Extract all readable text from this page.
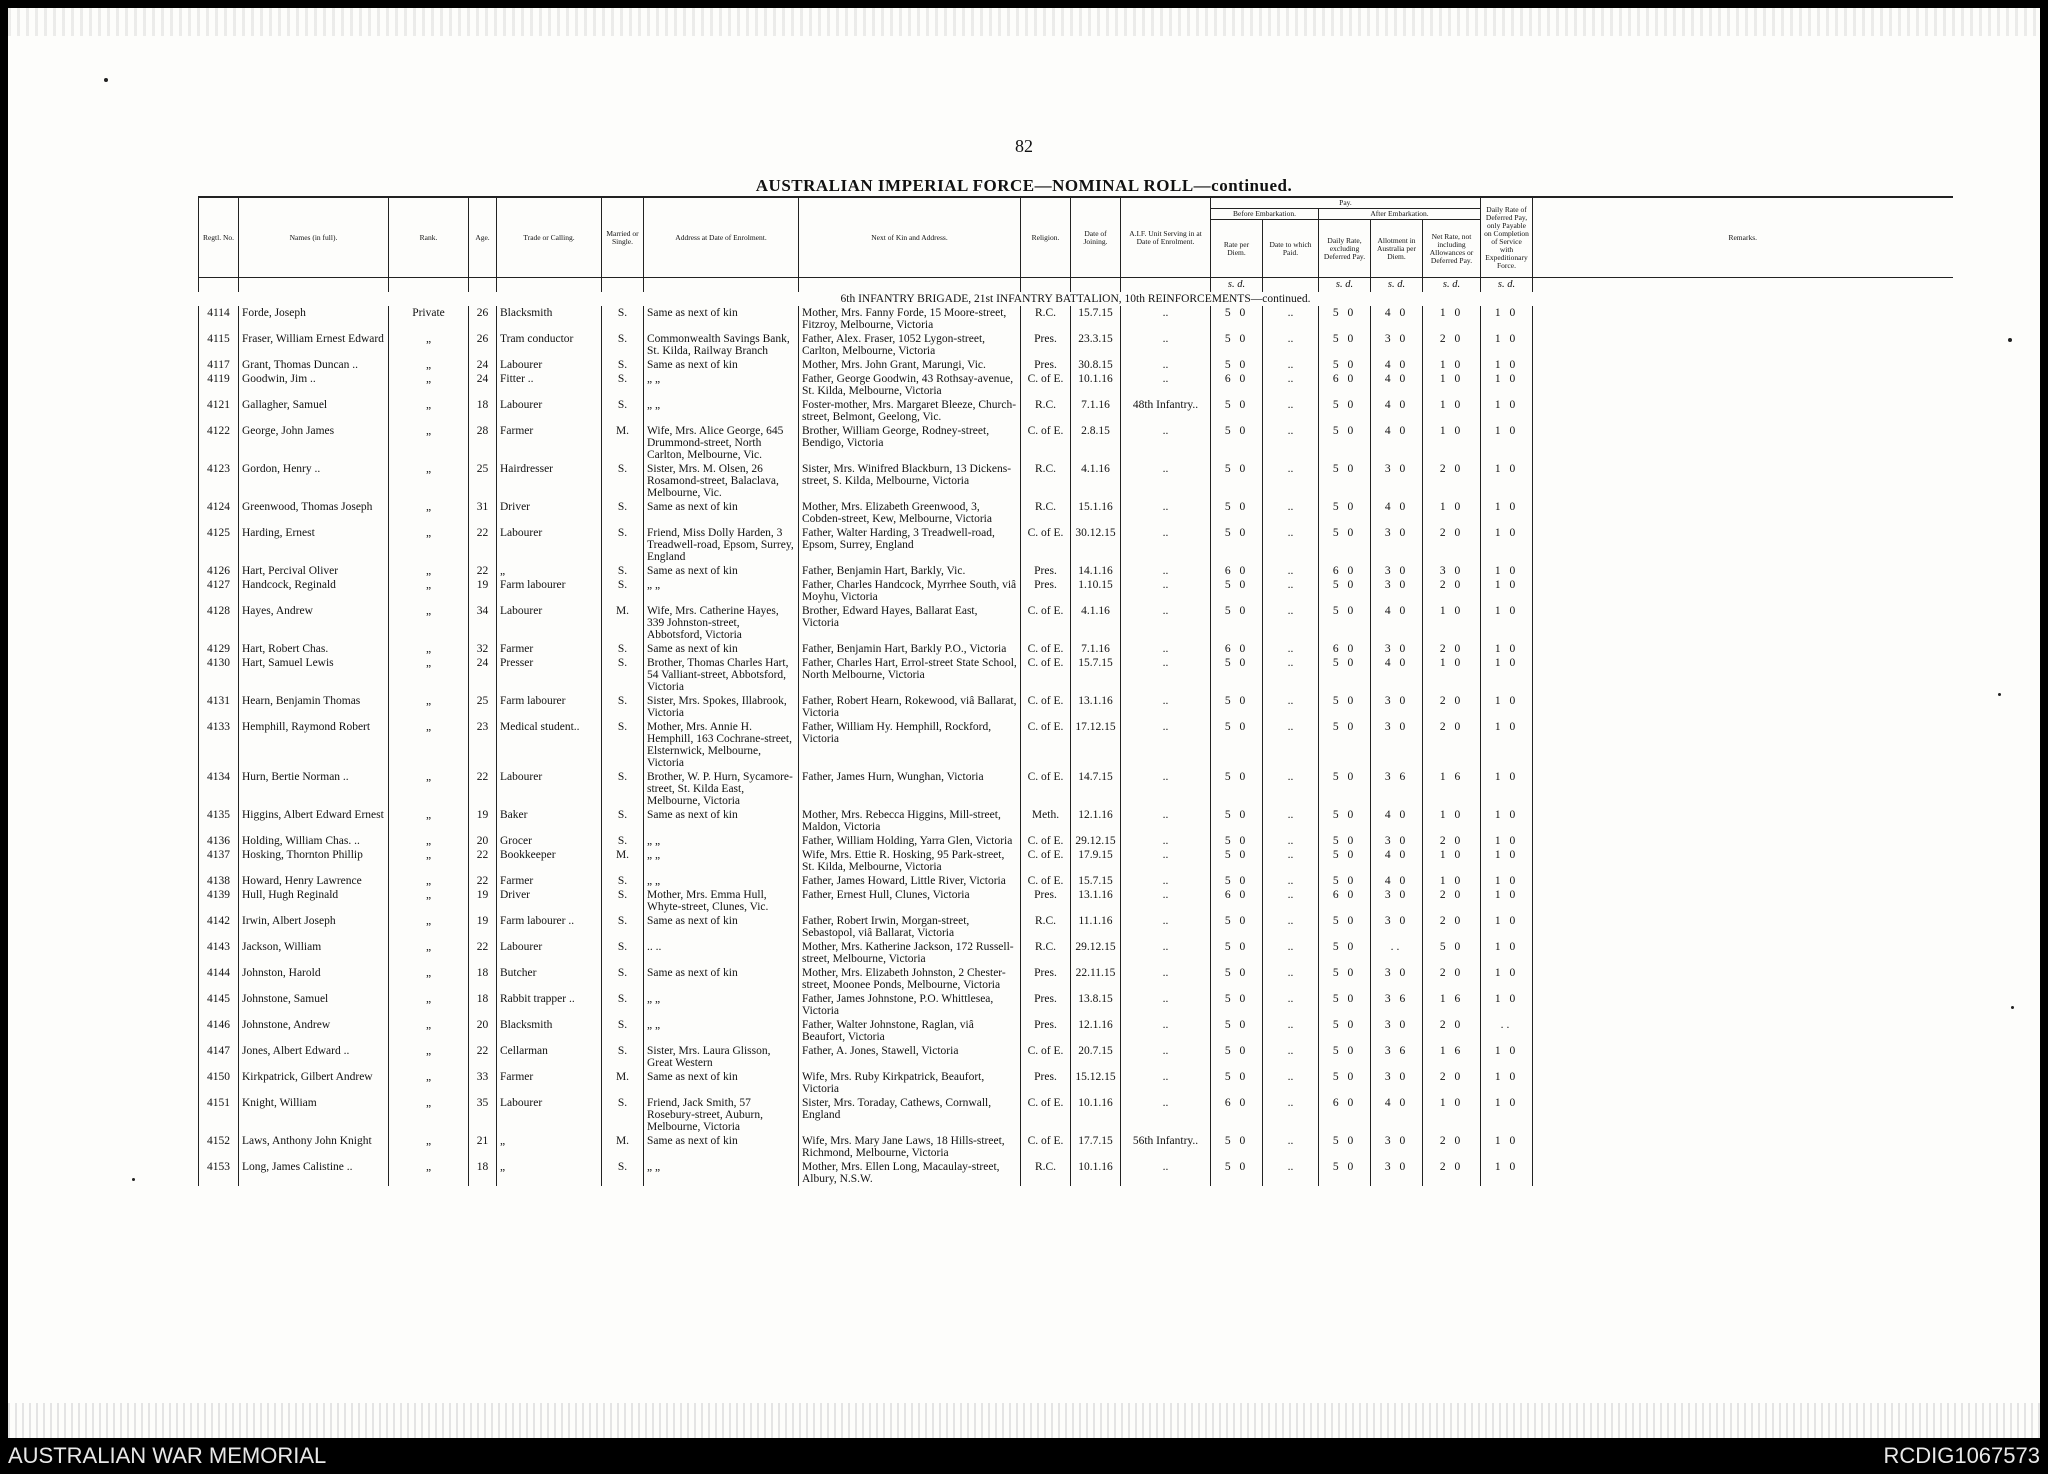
82
AUSTRALIAN IMPERIAL FORCE—NOMINAL ROLL—continued.
Regtl. No.	Names (in full).	Rank.	Age.	Trade or Calling.	Married or Single.	Address at Date of Enrolment.	Next of Kin and Address.	Religion.	Date of Joining.	A.I.F. Unit Serving in at Date of Enrolment.	Pay.					Daily Rate of Deferred Pay, only Payable on Completion of Service with Expeditionary Force.	Remarks.
											Before Embarkation.		After Embarkation.				
											Rate per Diem.	Date to which Paid.	Daily Rate, excluding Deferred Pay.	Allotment in Australia per Diem.	Net Rate, not including Allowances or Deferred Pay.		
											s. d.		s. d.	s. d.	s. d.	s. d.	
6th INFANTRY BRIGADE, 21st INFANTRY BATTALION, 10th REINFORCEMENTS—continued.																	
4114	Forde, Joseph	Private	26	Blacksmith	S.	Same as next of kin	Mother, Mrs. Fanny Forde, 15 Moore-street, Fitzroy, Melbourne, Victoria	R.C.	15.7.15	..	5 0	..	5 0	4 0	1 0	1 0	
4115	Fraser, William Ernest Edward	„	26	Tram conductor	S.	Commonwealth Savings Bank, St. Kilda, Railway Branch	Father, Alex. Fraser, 1052 Lygon-street, Carlton, Melbourne, Victoria	Pres.	23.3.15	..	5 0	..	5 0	3 0	2 0	1 0	
4117	Grant, Thomas Duncan ..	„	24	Labourer	S.	Same as next of kin	Mother, Mrs. John Grant, Marungi, Vic.	Pres.	30.8.15	..	5 0	..	5 0	4 0	1 0	1 0	
4119	Goodwin, Jim ..	„	24	Fitter ..	S.	„ „	Father, George Goodwin, 43 Rothsay-avenue, St. Kilda, Melbourne, Victoria	C. of E.	10.1.16	..	6 0	..	6 0	4 0	1 0	1 0	
4121	Gallagher, Samuel	„	18	Labourer	S.	„ „	Foster-mother, Mrs. Margaret Bleeze, Church-street, Belmont, Geelong, Vic.	R.C.	7.1.16	48th Infantry..	5 0	..	5 0	4 0	1 0	1 0	
4122	George, John James	„	28	Farmer	M.	Wife, Mrs. Alice George, 645 Drummond-street, North Carlton, Melbourne, Vic.	Brother, William George, Rodney-street, Bendigo, Victoria	C. of E.	2.8.15	..	5 0	..	5 0	4 0	1 0	1 0	
4123	Gordon, Henry ..	„	25	Hairdresser	S.	Sister, Mrs. M. Olsen, 26 Rosamond-street, Balaclava, Melbourne, Vic.	Sister, Mrs. Winifred Blackburn, 13 Dickens-street, S. Kilda, Melbourne, Victoria	R.C.	4.1.16	..	5 0	..	5 0	3 0	2 0	1 0	
4124	Greenwood, Thomas Joseph	„	31	Driver	S.	Same as next of kin	Mother, Mrs. Elizabeth Greenwood, 3, Cobden-street, Kew, Melbourne, Victoria	R.C.	15.1.16	..	5 0	..	5 0	4 0	1 0	1 0	
4125	Harding, Ernest	„	22	Labourer	S.	Friend, Miss Dolly Harden, 3 Treadwell-road, Epsom, Surrey, England	Father, Walter Harding, 3 Treadwell-road, Epsom, Surrey, England	C. of E.	30.12.15	..	5 0	..	5 0	3 0	2 0	1 0	
4126	Hart, Percival Oliver	„	22	„	S.	Same as next of kin	Father, Benjamin Hart, Barkly, Vic.	Pres.	14.1.16	..	6 0	..	6 0	3 0	3 0	1 0	
4127	Handcock, Reginald	„	19	Farm labourer	S.	„ „	Father, Charles Handcock, Myrrhee South, viâ Moyhu, Victoria	Pres.	1.10.15	..	5 0	..	5 0	3 0	2 0	1 0	
4128	Hayes, Andrew	„	34	Labourer	M.	Wife, Mrs. Catherine Hayes, 339 Johnston-street, Abbotsford, Victoria	Brother, Edward Hayes, Ballarat East, Victoria	C. of E.	4.1.16	..	5 0	..	5 0	4 0	1 0	1 0	
4129	Hart, Robert Chas.	„	32	Farmer	S.	Same as next of kin	Father, Benjamin Hart, Barkly P.O., Victoria	C. of E.	7.1.16	..	6 0	..	6 0	3 0	2 0	1 0	
4130	Hart, Samuel Lewis	„	24	Presser	S.	Brother, Thomas Charles Hart, 54 Valliant-street, Abbotsford, Victoria	Father, Charles Hart, Errol-street State School, North Melbourne, Victoria	C. of E.	15.7.15	..	5 0	..	5 0	4 0	1 0	1 0	
4131	Hearn, Benjamin Thomas	„	25	Farm labourer	S.	Sister, Mrs. Spokes, Illabrook, Victoria	Father, Robert Hearn, Rokewood, viâ Ballarat, Victoria	C. of E.	13.1.16	..	5 0	..	5 0	3 0	2 0	1 0	
4133	Hemphill, Raymond Robert	„	23	Medical student..	S.	Mother, Mrs. Annie H. Hemphill, 163 Cochrane-street, Elsternwick, Melbourne, Victoria	Father, William Hy. Hemphill, Rockford, Victoria	C. of E.	17.12.15	..	5 0	..	5 0	3 0	2 0	1 0	
4134	Hurn, Bertie Norman ..	„	22	Labourer	S.	Brother, W. P. Hurn, Sycamore-street, St. Kilda East, Melbourne, Victoria	Father, James Hurn, Wunghan, Victoria	C. of E.	14.7.15	..	5 0	..	5 0	3 6	1 6	1 0	
4135	Higgins, Albert Edward Ernest	„	19	Baker	S.	Same as next of kin	Mother, Mrs. Rebecca Higgins, Mill-street, Maldon, Victoria	Meth.	12.1.16	..	5 0	..	5 0	4 0	1 0	1 0	
4136	Holding, William Chas. ..	„	20	Grocer	S.	„ „	Father, William Holding, Yarra Glen, Victoria	C. of E.	29.12.15	..	5 0	..	5 0	3 0	2 0	1 0	
4137	Hosking, Thornton Phillip	„	22	Bookkeeper	M.	„ „	Wife, Mrs. Ettie R. Hosking, 95 Park-street, St. Kilda, Melbourne, Victoria	C. of E.	17.9.15	..	5 0	..	5 0	4 0	1 0	1 0	
4138	Howard, Henry Lawrence	„	22	Farmer	S.	„ „	Father, James Howard, Little River, Victoria	C. of E.	15.7.15	..	5 0	..	5 0	4 0	1 0	1 0	
4139	Hull, Hugh Reginald	„	19	Driver	S.	Mother, Mrs. Emma Hull, Whyte-street, Clunes, Vic.	Father, Ernest Hull, Clunes, Victoria	Pres.	13.1.16	..	6 0	..	6 0	3 0	2 0	1 0	
4142	Irwin, Albert Joseph	„	19	Farm labourer ..	S.	Same as next of kin	Father, Robert Irwin, Morgan-street, Sebastopol, viâ Ballarat, Victoria	R.C.	11.1.16	..	5 0	..	5 0	3 0	2 0	1 0	
4143	Jackson, William	„	22	Labourer	S.	.. ..	Mother, Mrs. Katherine Jackson, 172 Russell-street, Melbourne, Victoria	R.C.	29.12.15	..	5 0	..	5 0	..	5 0	1 0	
4144	Johnston, Harold	„	18	Butcher	S.	Same as next of kin	Mother, Mrs. Elizabeth Johnston, 2 Chester-street, Moonee Ponds, Melbourne, Victoria	Pres.	22.11.15	..	5 0	..	5 0	3 0	2 0	1 0	
4145	Johnstone, Samuel	„	18	Rabbit trapper ..	S.	„ „	Father, James Johnstone, P.O. Whittlesea, Victoria	Pres.	13.8.15	..	5 0	..	5 0	3 6	1 6	1 0	
4146	Johnstone, Andrew	„	20	Blacksmith	S.	„ „	Father, Walter Johnstone, Raglan, viâ Beaufort, Victoria	Pres.	12.1.16	..	5 0	..	5 0	3 0	2 0	..	
4147	Jones, Albert Edward ..	„	22	Cellarman	S.	Sister, Mrs. Laura Glisson, Great Western	Father, A. Jones, Stawell, Victoria	C. of E.	20.7.15	..	5 0	..	5 0	3 6	1 6	1 0	
4150	Kirkpatrick, Gilbert Andrew	„	33	Farmer	M.	Same as next of kin	Wife, Mrs. Ruby Kirkpatrick, Beaufort, Victoria	Pres.	15.12.15	..	5 0	..	5 0	3 0	2 0	1 0	
4151	Knight, William	„	35	Labourer	S.	Friend, Jack Smith, 57 Rosebury-street, Auburn, Melbourne, Victoria	Sister, Mrs. Toraday, Cathews, Cornwall, England	C. of E.	10.1.16	..	6 0	..	6 0	4 0	1 0	1 0	
4152	Laws, Anthony John Knight	„	21	„	M.	Same as next of kin	Wife, Mrs. Mary Jane Laws, 18 Hills-street, Richmond, Melbourne, Victoria	C. of E.	17.7.15	56th Infantry..	5 0	..	5 0	3 0	2 0	1 0	
4153	Long, James Calistine ..	„	18	„	S.	„ „	Mother, Mrs. Ellen Long, Macaulay-street, Albury, N.S.W.	R.C.	10.1.16	..	5 0	..	5 0	3 0	2 0	1 0	
AUSTRALIAN WAR MEMORIAL	RCDIG1067573
